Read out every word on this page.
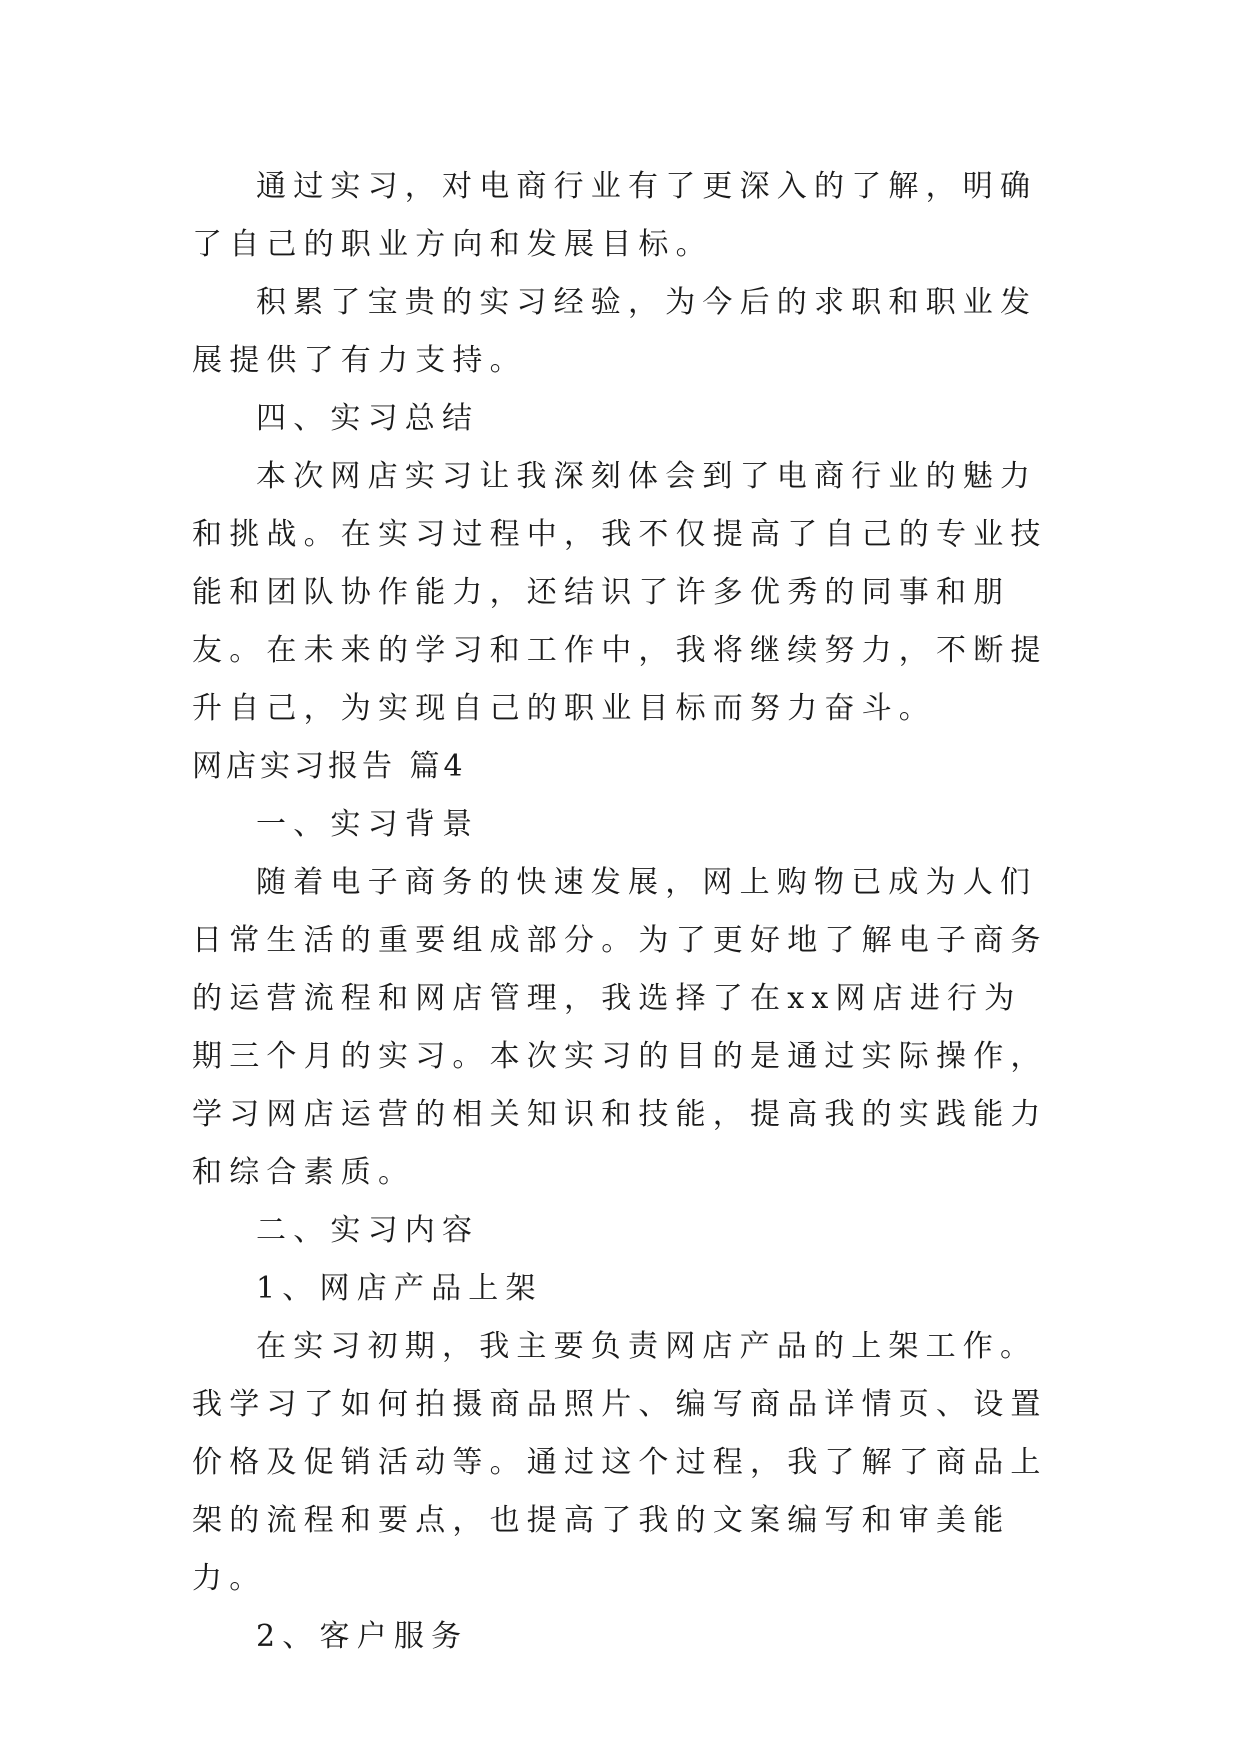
通过实习，对电商行业有了更深入的了解，明确了自己的职业方向和发展目标。

积累了宝贵的实习经验，为今后的求职和职业发展提供了有力支持。

四、实习总结

本次网店实习让我深刻体会到了电商行业的魅力和挑战。在实习过程中，我不仅提高了自己的专业技能和团队协作能力，还结识了许多优秀的同事和朋友。在未来的学习和工作中，我将继续努力，不断提升自己，为实现自己的职业目标而努力奋斗。

网店实习报告 篇4

一、实习背景

随着电子商务的快速发展，网上购物已成为人们日常生活的重要组成部分。为了更好地了解电子商务的运营流程和网店管理，我选择了在xx网店进行为期三个月的实习。本次实习的目的是通过实际操作，学习网店运营的相关知识和技能，提高我的实践能力和综合素质。

二、实习内容

1、网店产品上架

在实习初期，我主要负责网店产品的上架工作。我学习了如何拍摄商品照片、编写商品详情页、设置价格及促销活动等。通过这个过程，我了解了商品上架的流程和要点，也提高了我的文案编写和审美能力。

2、客户服务
